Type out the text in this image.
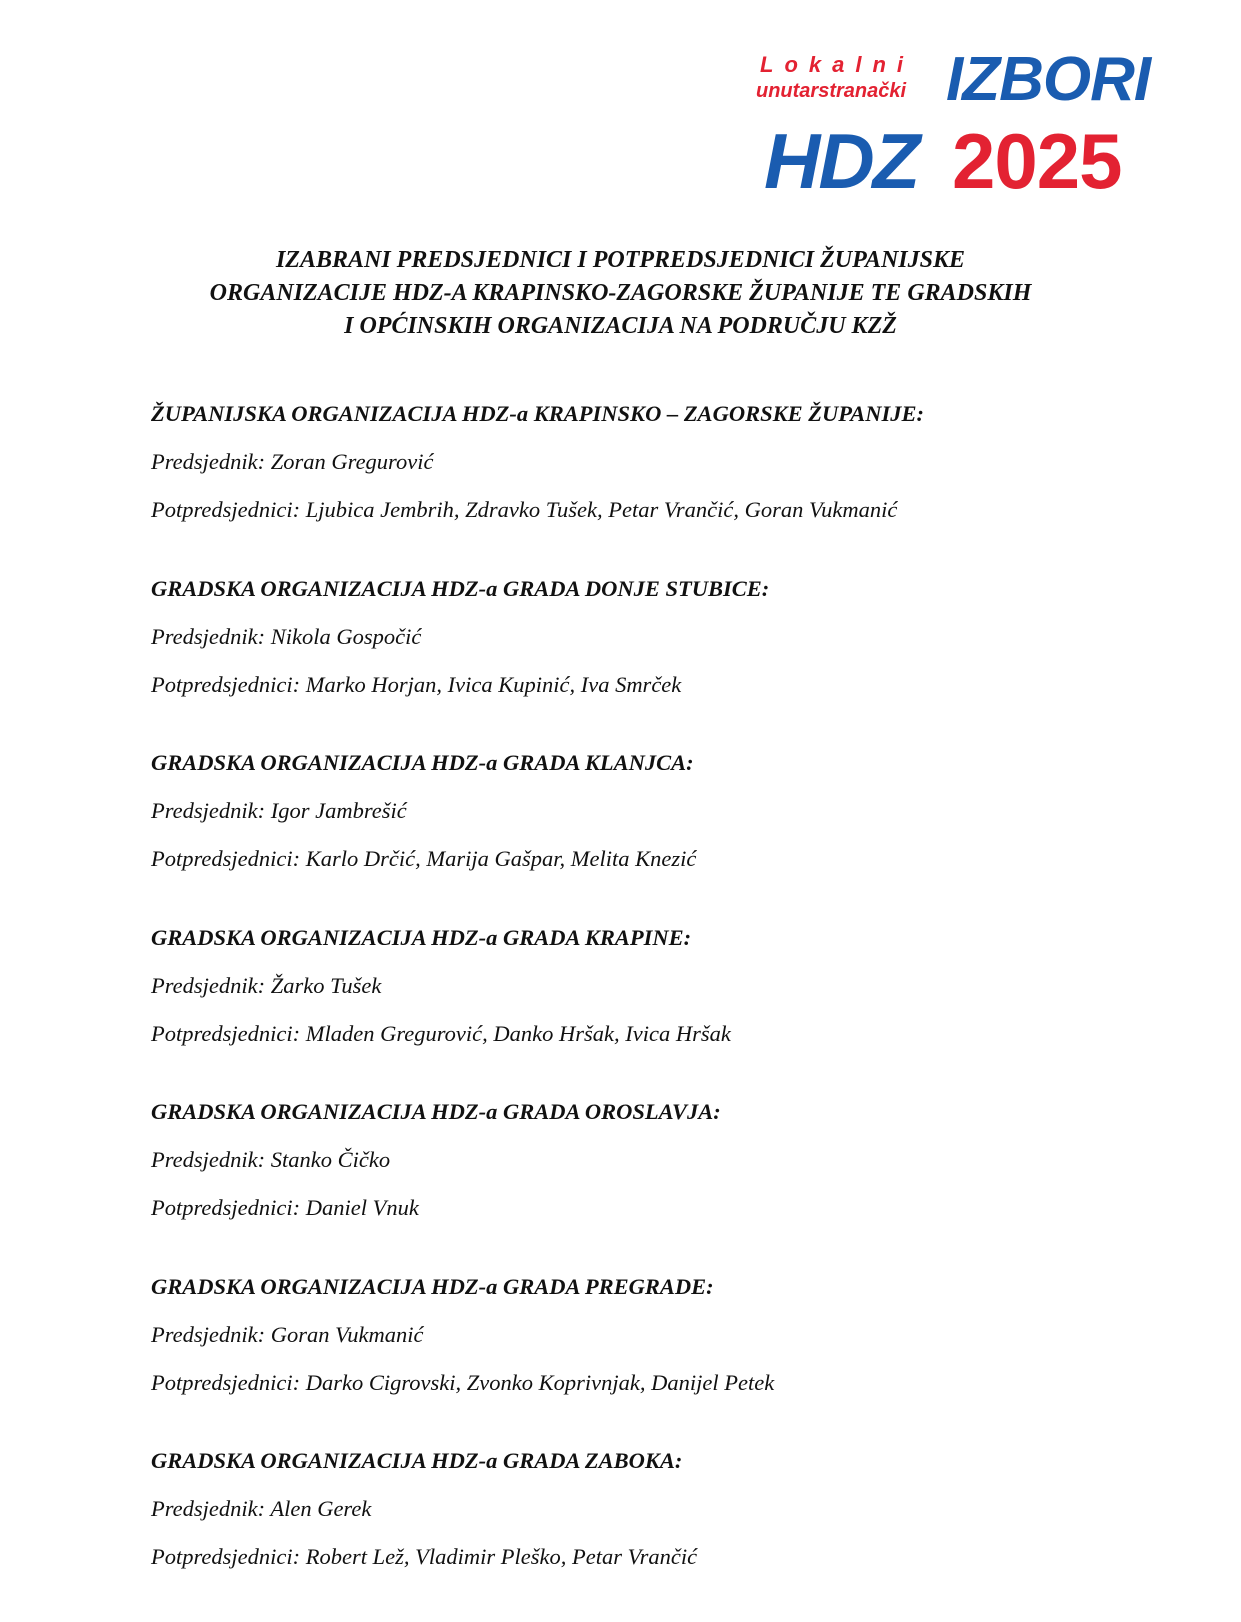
Lokalni
unutarstranački IZBORI
HDZ 2025
IZABRANI PREDSJEDNICI I POTPREDSJEDNICI ŽUPANIJSKE
ORGANIZACIJE HDZ-A KRAPINSKO-ZAGORSKE ŽUPANIJE TE GRADSKIH
I OPĆINSKIH ORGANIZACIJA NA PODRUČJU KZŽ
ŽUPANIJSKA ORGANIZACIJA HDZ-a KRAPINSKO – ZAGORSKE ŽUPANIJE:
Predsjednik: Zoran Gregurović
Potpredsjednici: Ljubica Jembrih, Zdravko Tušek, Petar Vrančić, Goran Vukmanić
GRADSKA ORGANIZACIJA HDZ-a GRADA DONJE STUBICE:
Predsjednik: Nikola Gospočić
Potpredsjednici: Marko Horjan, Ivica Kupinić, Iva Smrček
GRADSKA ORGANIZACIJA HDZ-a GRADA KLANJCA:
Predsjednik: Igor Jambrešić
Potpredsjednici: Karlo Drčić, Marija Gašpar, Melita Knezić
GRADSKA ORGANIZACIJA HDZ-a GRADA KRAPINE:
Predsjednik: Žarko Tušek
Potpredsjednici: Mladen Gregurović, Danko Hršak, Ivica Hršak
GRADSKA ORGANIZACIJA HDZ-a GRADA OROSLAVJA:
Predsjednik: Stanko Čičko
Potpredsjednici: Daniel Vnuk
GRADSKA ORGANIZACIJA HDZ-a GRADA PREGRADE:
Predsjednik: Goran Vukmanić
Potpredsjednici: Darko Cigrovski, Zvonko Koprivnjak, Danijel Petek
GRADSKA ORGANIZACIJA HDZ-a GRADA ZABOKA:
Predsjednik: Alen Gerek
Potpredsjednici: Robert Lež, Vladimir Pleško, Petar Vrančić
